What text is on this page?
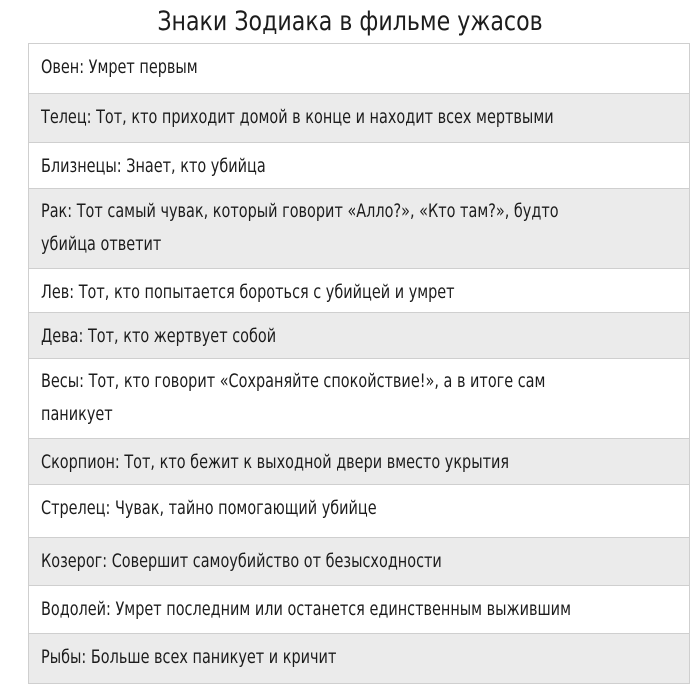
Знаки Зодиака в фильме ужасов
Овен: Умрет первым
Телец: Тот, кто приходит домой в конце и находит всех мертвыми
Близнецы: Знает, кто убийца
Рак: Тот самый чувак, который говорит «Алло?», «Кто там?», будто
убийца ответит
Лев: Тот, кто попытается бороться с убийцей и умрет
Дева: Тот, кто жертвует собой
Весы: Тот, кто говорит «Сохраняйте спокойствие!», а в итоге сам
паникует
Скорпион: Тот, кто бежит к выходной двери вместо укрытия
Стрелец: Чувак, тайно помогающий убийце
Козерог: Совершит самоубийство от безысходности
Водолей: Умрет последним или останется единственным выжившим
Рыбы: Больше всех паникует и кричит
